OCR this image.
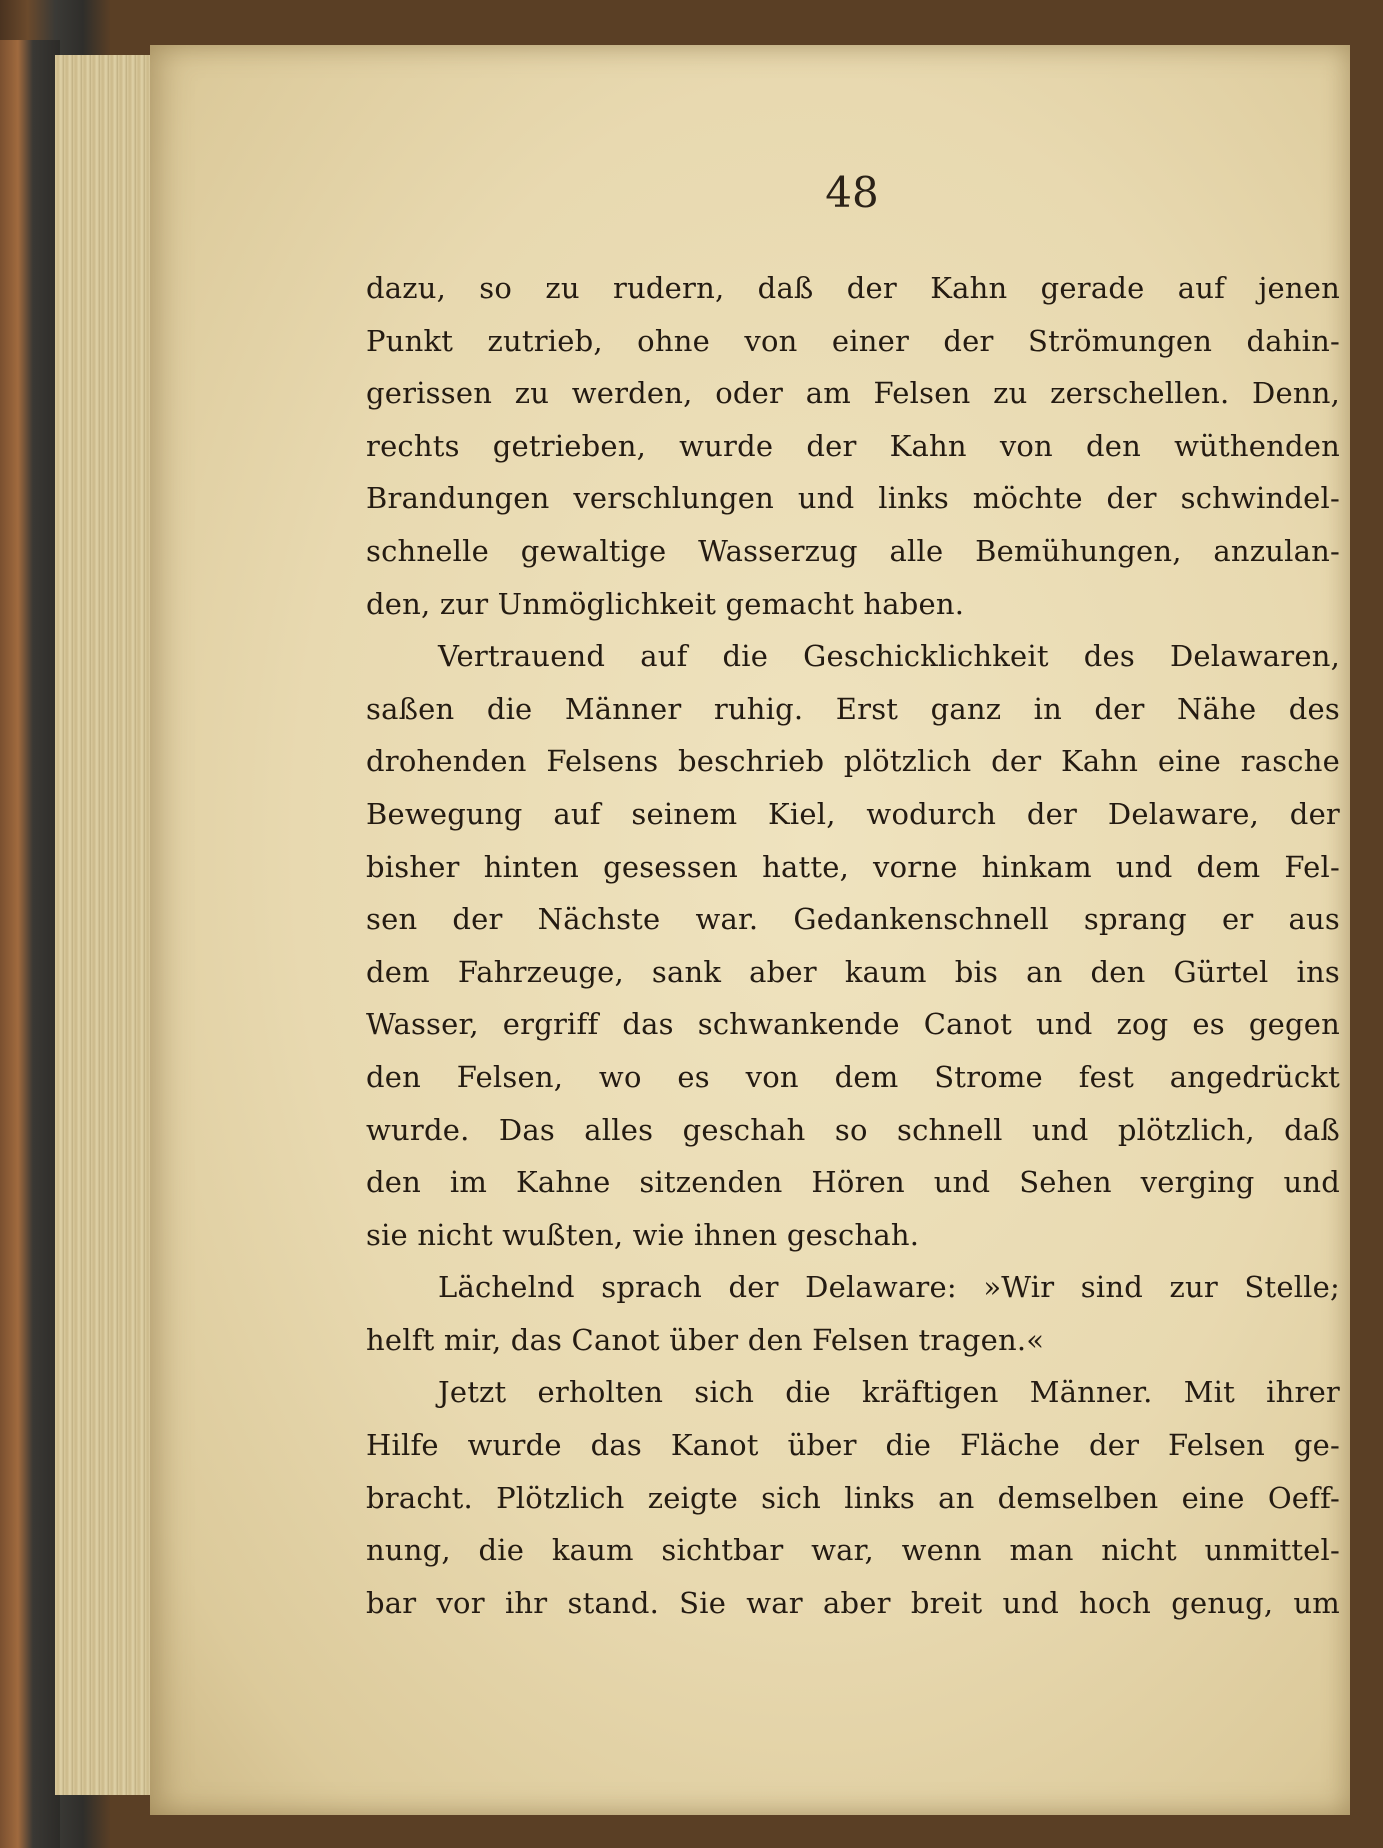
48
dazu, so zu rudern, daß der Kahn gerade auf jenen
Punkt zutrieb, ohne von einer der Strömungen dahin-
gerissen zu werden, oder am Felsen zu zerschellen. Denn,
rechts getrieben, wurde der Kahn von den wüthenden
Brandungen verschlungen und links möchte der schwindel-
schnelle gewaltige Wasserzug alle Bemühungen, anzulan-
den, zur Unmöglichkeit gemacht haben.
Vertrauend auf die Geschicklichkeit des Delawaren,
saßen die Männer ruhig. Erst ganz in der Nähe des
drohenden Felsens beschrieb plötzlich der Kahn eine rasche
Bewegung auf seinem Kiel, wodurch der Delaware, der
bisher hinten gesessen hatte, vorne hinkam und dem Fel-
sen der Nächste war. Gedankenschnell sprang er aus
dem Fahrzeuge, sank aber kaum bis an den Gürtel ins
Wasser, ergriff das schwankende Canot und zog es gegen
den Felsen, wo es von dem Strome fest angedrückt
wurde. Das alles geschah so schnell und plötzlich, daß
den im Kahne sitzenden Hören und Sehen verging und
sie nicht wußten, wie ihnen geschah.
Lächelnd sprach der Delaware: »Wir sind zur Stelle;
helft mir, das Canot über den Felsen tragen.«
Jetzt erholten sich die kräftigen Männer. Mit ihrer
Hilfe wurde das Kanot über die Fläche der Felsen ge-
bracht. Plötzlich zeigte sich links an demselben eine Oeff-
nung, die kaum sichtbar war, wenn man nicht unmittel-
bar vor ihr stand. Sie war aber breit und hoch genug, um
